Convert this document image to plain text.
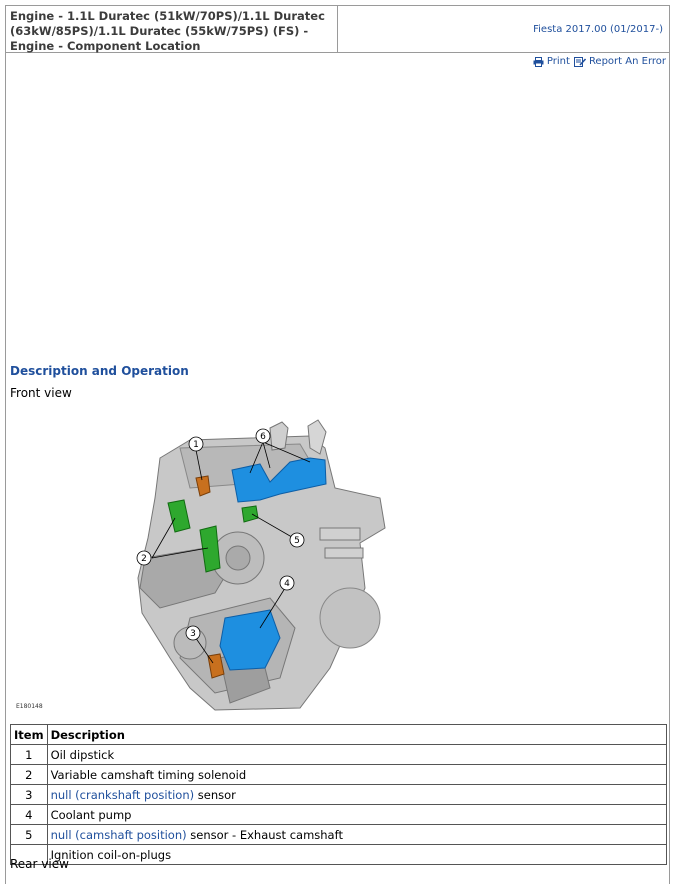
Engine - 1.1L Duratec (51kW/70PS)/1.1L Duratec (63kW/85PS)/1.1L Duratec (55kW/75PS) (FS) - Engine - Component Location
Fiesta 2017.00 (01/2017-)
Print Report An Error
Description and Operation
Front view
1
6
2
5
4
3
E180148
Item	Description
1	Oil dipstick
2	Variable camshaft timing solenoid
3	null (crankshaft position) sensor
4	Coolant pump
5	null (camshaft position) sensor - Exhaust camshaft
	Ignition coil-on-plugs
Rear view
